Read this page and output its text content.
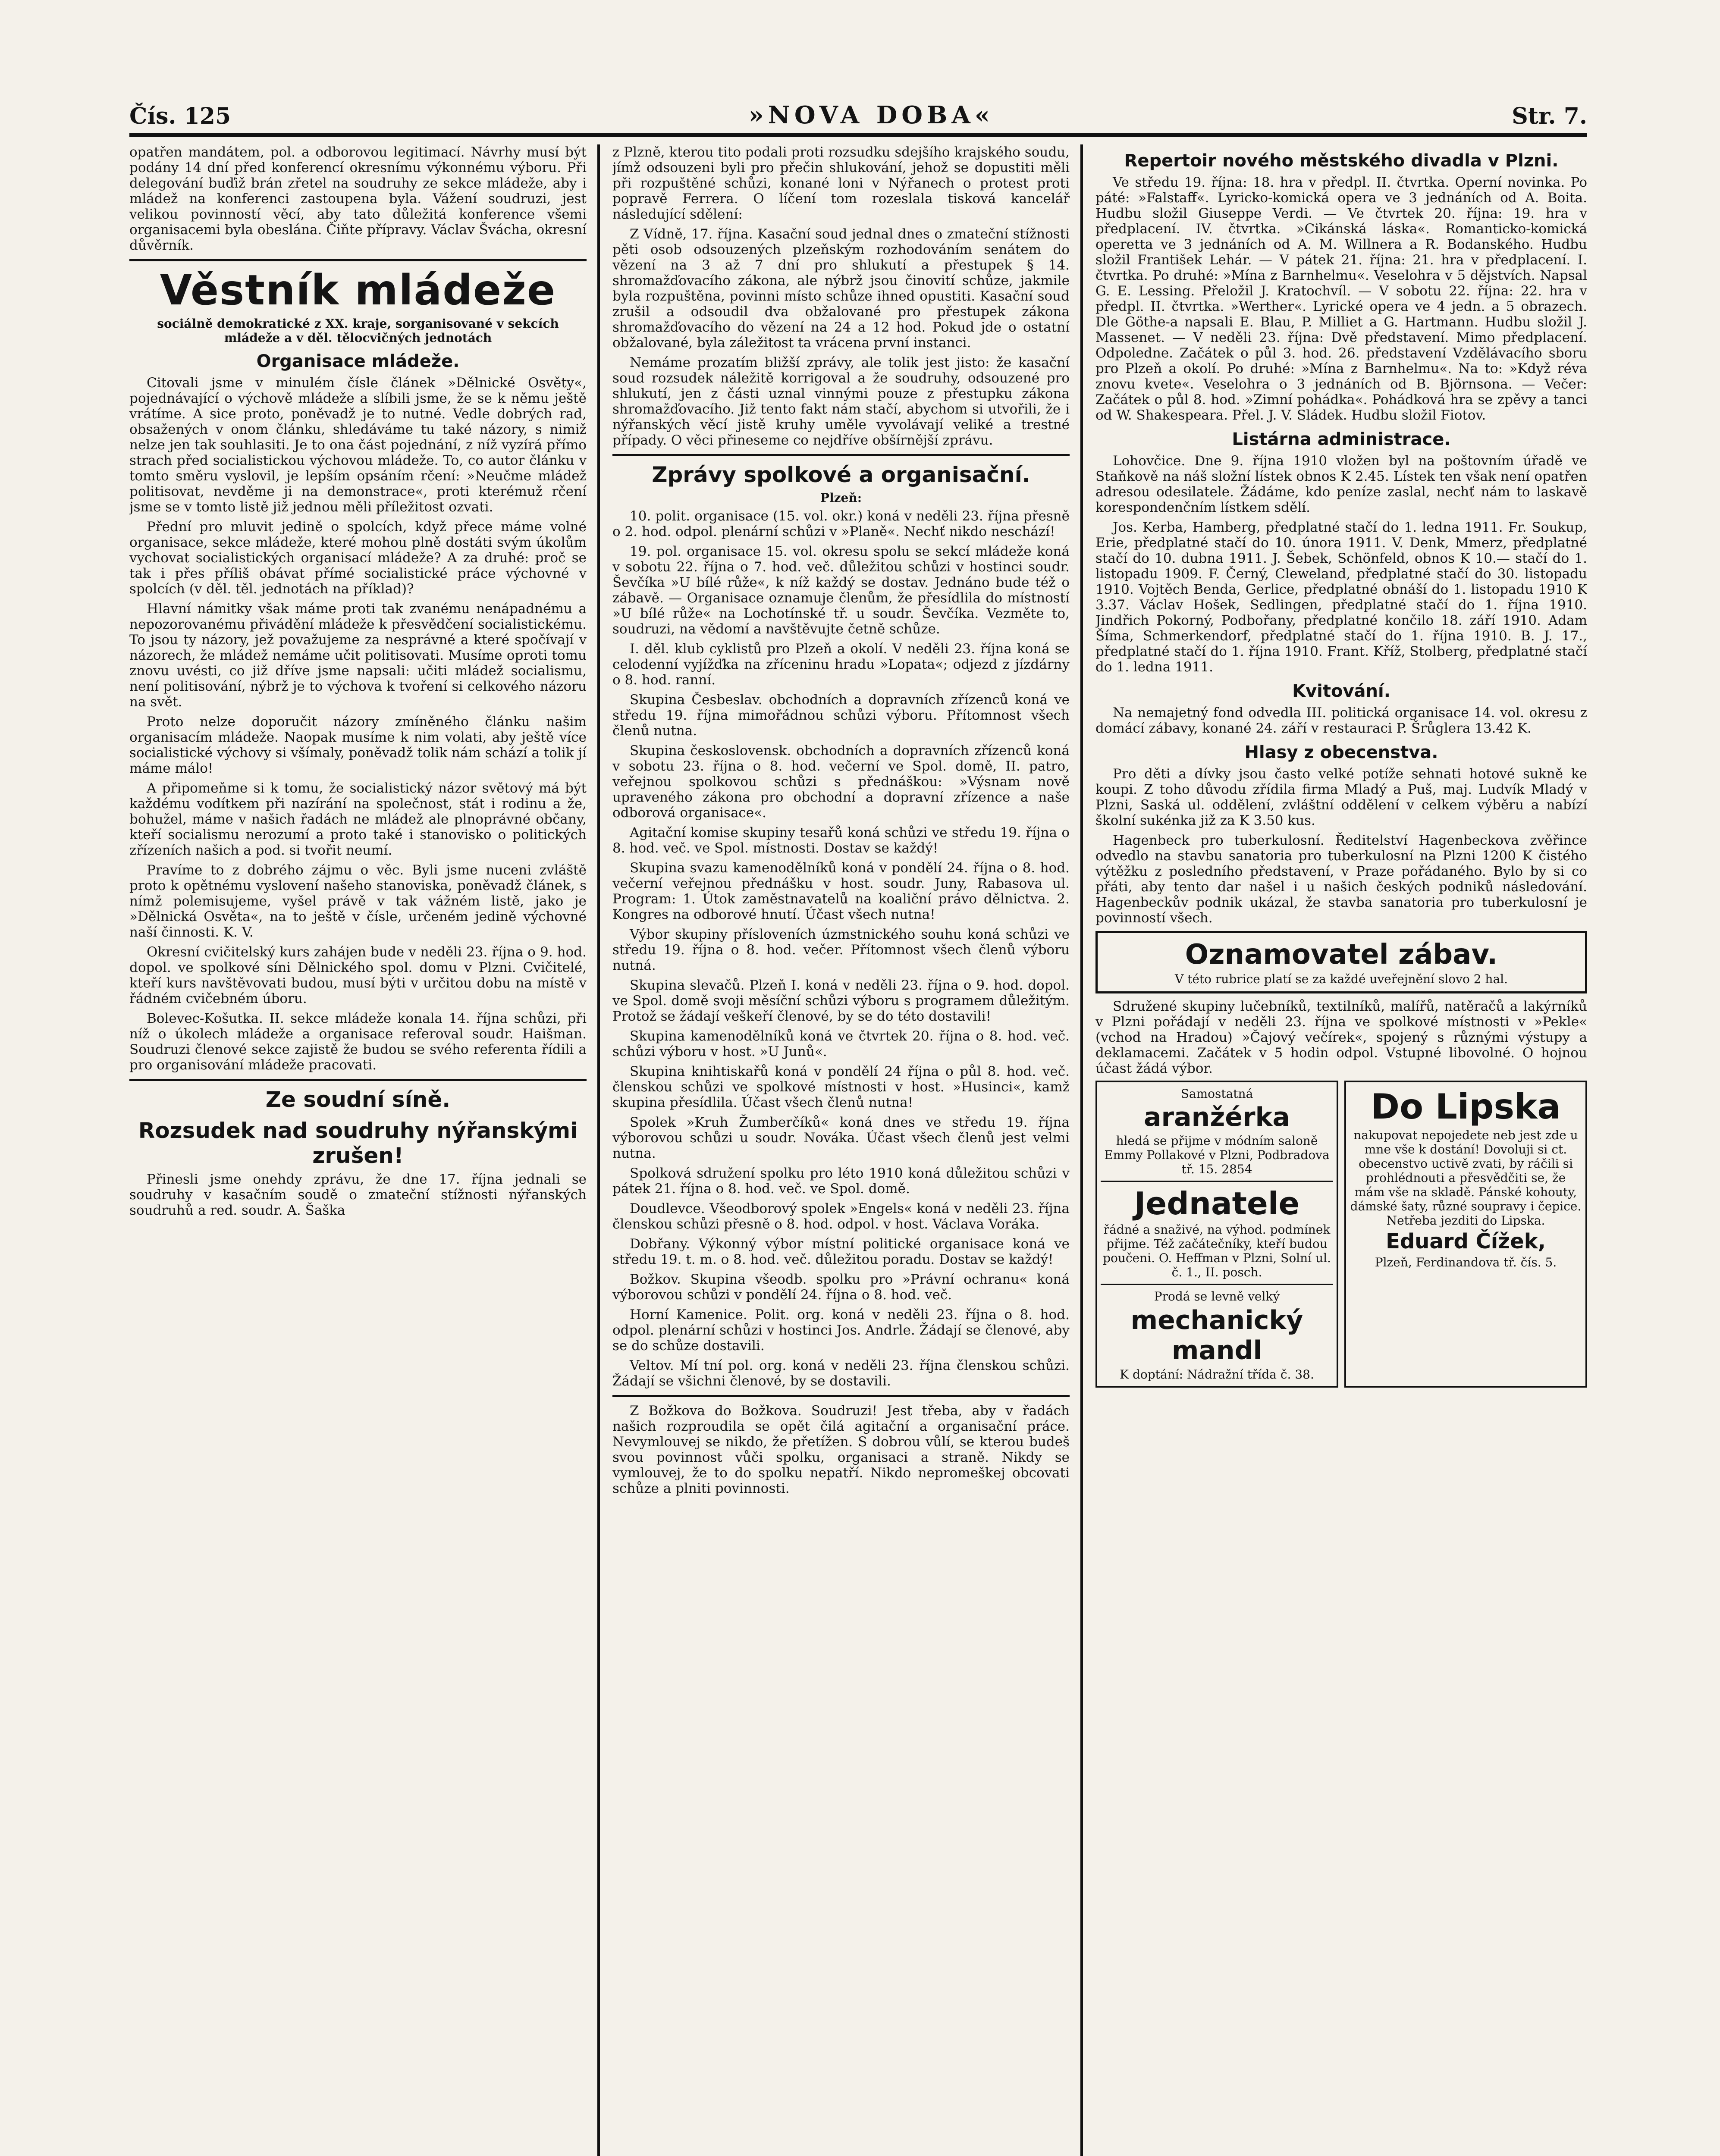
Čís. 125	»NOVA DOBA«	Str. 7.

opatřen mandátem, pol. a odborovou legitimací. Návrhy musí být podány 14 dní před konferencí okresnímu výkonnému výboru. Při delegování buďiž brán zřetel na soudruhy ze sekce mládeže, aby i mládež na konferenci zastoupena byla. Vážení soudruzi, jest velikou povinností věcí, aby tato důležitá konference všemi organisacemi byla obeslána. Čiňte přípravy. Václav Švácha, okresní důvěrník.

Věstník mládeže
sociálně demokratické z XX. kraje, sorganisované v sekcích mládeže a v děl. tělocvičných jednotách
Organisace mládeže.

Citovali jsme v minulém čísle článek »Dělnické Osvěty«, pojednávající o výchově mládeže a slíbili jsme, že se k němu ještě vrátíme. A sice proto, poněvadž je to nutné. Vedle dobrých rad, obsažených v onom článku, shledáváme tu také názory, s nimiž nelze jen tak souhlasiti. Je to ona část pojednání, z níž vyzírá přímo strach před socialistickou výchovou mládeže. To, co autor článku v tomto směru vyslovil, je lepším opsáním rčení: »Neučme mládež politisovat, nevděme ji na demonstrace«, proti kterémuž rčení jsme se v tomto listě již jednou měli příležitost ozvati.

Přední pro mluvit jedině o spolcích, když přece máme volné organisace, sekce mládeže, které mohou plně dostáti svým úkolům vychovat socialistických organisací mládeže? A za druhé: proč se tak i přes příliš obávat přímé socialistické práce výchovné v spolcích (v děl. těl. jednotách na příklad)?

Hlavní námitky však máme proti tak zvanému nenápadnému a nepozorovanému přivádění mládeže k přesvědčení socialistickému. To jsou ty názory, jež považujeme za nesprávné a které spočívají v názorech, že mládež nemáme učit politisovati. Musíme oproti tomu znovu uvésti, co již dříve jsme napsali: učiti mládež socialismu, není politisování, nýbrž je to výchova k tvoření si celkového názoru na svět.

Proto nelze doporučit názory zmíněného článku našim organisacím mládeže. Naopak musíme k nim volati, aby ještě více socialistické výchovy si všímaly, poněvadž tolik nám schází a tolik jí máme málo!

A připomeňme si k tomu, že socialistický názor světový má být každému vodítkem při nazírání na společnost, stát i rodinu a že, bohužel, máme v našich řadách ne mládež ale plnoprávné občany, kteří socialismu nerozumí a proto také i stanovisko o politických zřízeních našich a pod. si tvořit neumí.

Pravíme to z dobrého zájmu o věc. Byli jsme nuceni zvláště proto k opětnému vyslovení našeho stanoviska, poněvadž článek, s nímž polemisujeme, vyšel právě v tak vážném listě, jako je »Dělnická Osvěta«, na to ještě v čísle, určeném jedině výchovné naší činnosti. K. V.

Okresní cvičitelský kurs zahájen bude v neděli 23. října o 9. hod. dopol. ve spolkové síni Dělnického spol. domu v Plzni. Cvičitelé, kteří kurs navštěvovati budou, musí býti v určitou dobu na místě v řádném cvičebném úboru.

Bolevec-Košutka. II. sekce mládeže konala 14. října schůzi, při níž o úkolech mládeže a organisace referoval soudr. Haišman. Soudruzi členové sekce zajistě že budou se svého referenta řídili a pro organisování mládeže pracovati.

Ze soudní síně.
Rozsudek nad soudruhy nýřanskými zrušen!

Přinesli jsme onehdy zprávu, že dne 17. října jednali se soudruhy v kasačním soudě o zmateční stížnosti nýřanských soudruhů a red. soudr. A. Šaška

z Plzně, kterou tito podali proti rozsudku sdejšího krajského soudu, jímž odsouzeni byli pro přečin shlukování, jehož se dopustiti měli při rozpuštěné schůzi, konané loni v Nýřanech o protest proti popravě Ferrera. O líčení tom rozeslala tisková kancelář následující sdělení:

Z Vídně, 17. října. Kasační soud jednal dnes o zmateční stížnosti pěti osob odsouzených plzeňským rozhodováním senátem do vězení na 3 až 7 dní pro shlukutí a přestupek § 14. shromažďovacího zákona, ale nýbrž jsou činovití schůze, jakmile byla rozpuštěna, povinni místo schůze ihned opustiti. Kasační soud zrušil a odsoudil dva obžalované pro přestupek zákona shromažďovacího do vězení na 24 a 12 hod. Pokud jde o ostatní obžalované, byla záležitost ta vrácena první instanci.

Nemáme prozatím bližší zprávy, ale tolik jest jisto: že kasační soud rozsudek náležitě korrigoval a že soudruhy, odsouzené pro shlukutí, jen z části uznal vinnými pouze z přestupku zákona shromažďovacího. Již tento fakt nám stačí, abychom si utvořili, že i nýřanských věcí jistě kruhy uměle vyvolávají veliké a trestné případy. O věci přineseme co nejdříve obšírnější zprávu.

Zprávy spolkové a organisační.
Plzeň:

10. polit. organisace (15. vol. okr.) koná v neděli 23. října přesně o 2. hod. odpol. plenární schůzi v »Planě«. Nechť nikdo neschází!

19. pol. organisace 15. vol. okresu spolu se sekcí mládeže koná v sobotu 22. října o 7. hod. več. důležitou schůzi v hostinci soudr. Ševčíka »U bílé růže«, k níž každý se dostav. Jednáno bude též o zábavě. — Organisace oznamuje členům, že přesídlila do místností »U bílé růže« na Lochotínské tř. u soudr. Ševčíka. Vezměte to, soudruzi, na vědomí a navštěvujte četně schůze.

I. děl. klub cyklistů pro Plzeň a okolí. V neděli 23. října koná se celodenní vyjížďka na zříceninu hradu »Lopata«; odjezd z jízdárny o 8. hod. ranní.

Skupina Česbeslav. obchodních a dopravních zřízenců koná ve středu 19. října mimořádnou schůzi výboru. Přítomnost všech členů nutna.

Skupina československ. obchodních a dopravních zřízenců koná v sobotu 23. října o 8. hod. večerní ve Spol. domě, II. patro, veřejnou spolkovou schůzi s přednáškou: »Výsnam nově upraveného zákona pro obchodní a dopravní zřízence a naše odborová organisace«.

Agitační komise skupiny tesařů koná schůzi ve středu 19. října o 8. hod. več. ve Spol. místnosti. Dostav se každý!

Skupina svazu kamenodělníků koná v pondělí 24. října o 8. hod. večerní veřejnou přednášku v host. soudr. Juny, Rabasova ul. Program: 1. Útok zaměstnavatelů na koaliční právo dělnictva. 2. Kongres na odborové hnutí. Účast všech nutna!

Výbor skupiny přísloveních úzmstnického souhu koná schůzi ve středu 19. října o 8. hod. večer. Přítomnost všech členů výboru nutná.

Skupina slevačů. Plzeň I. koná v neděli 23. října o 9. hod. dopol. ve Spol. domě svoji měsíční schůzi výboru s programem důležitým. Protož se žádají veškeří členové, by se do této dostavili!

Skupina kamenodělníků koná ve čtvrtek 20. října o 8. hod. več. schůzi výboru v host. »U Junů«.

Skupina knihtiskařů koná v pondělí 24 října o půl 8. hod. več. členskou schůzi ve spolkové místnosti v host. »Husinci«, kamž skupina přesídlila. Účast všech členů nutna!

Spolek »Kruh Žumberčíků« koná dnes ve středu 19. října výborovou schůzi u soudr. Nováka. Účast všech členů jest velmi nutna.

Spolková sdružení spolku pro léto 1910 koná důležitou schůzi v pátek 21. října o 8. hod. več. ve Spol. domě.

Doudlevce. Všeodborový spolek »Engels« koná v neděli 23. října členskou schůzi přesně o 8. hod. odpol. v host. Václava Voráka.

Dobřany. Výkonný výbor místní politické organisace koná ve středu 19. t. m. o 8. hod. več. důležitou poradu. Dostav se každý!

Božkov. Skupina všeodb. spolku pro »Právní ochranu« koná výborovou schůzi v pondělí 24. října o 8. hod. več.

Horní Kamenice. Polit. org. koná v neděli 23. října o 8. hod. odpol. plenární schůzi v hostinci Jos. Andrle. Žádají se členové, aby se do schůze dostavili.

Veltov. Mí tní pol. org. koná v neděli 23. října členskou schůzi. Žádají se všichni členové, by se dostavili.

Z Božkova do Božkova. Soudruzi! Jest třeba, aby v řadách našich rozproudila se opět čilá agitační a organisační práce. Nevymlouvej se nikdo, že přetížen. S dobrou vůlí, se kterou budeš svou povinnost vůči spolku, organisaci a straně. Nikdy se vymlouvej, že to do spolku nepatří. Nikdo nepromeškej obcovati schůze a plniti povinnosti.

Repertoir nového městského divadla v Plzni.

Ve středu 19. října: 18. hra v předpl. II. čtvrtka. Operní novinka. Po páté: »Falstaff«. Lyricko-komická opera ve 3 jednáních od A. Boita. Hudbu složil Giuseppe Verdi. — Ve čtvrtek 20. října: 19. hra v předplacení. IV. čtvrtka. »Cikánská láska«. Romanticko-komická operetta ve 3 jednáních od A. M. Willnera a R. Bodanského. Hudbu složil František Lehár. — V pátek 21. října: 21. hra v předplacení. I. čtvrtka. Po druhé: »Mína z Barnhelmu«. Veselohra v 5 dějstvích. Napsal G. E. Lessing. Přeložil J. Kratochvíl. — V sobotu 22. října: 22. hra v předpl. II. čtvrtka. »Werther«. Lyrické opera ve 4 jedn. a 5 obrazech. Dle Göthe-a napsali E. Blau, P. Milliet a G. Hartmann. Hudbu složil J. Massenet. — V neděli 23. října: Dvě představení. Mimo předplacení. Odpoledne. Začátek o půl 3. hod. 26. představení Vzdělávacího sboru pro Plzeň a okolí. Po druhé: »Mína z Barnhelmu«. Na to: »Když réva znovu kvete«. Veselohra o 3 jednáních od B. Björnsona. — Večer: Začátek o půl 8. hod. »Zimní pohádka«. Pohádková hra se zpěvy a tanci od W. Shakespeara. Přel. J. V. Sládek. Hudbu složil Fiotov.

Listárna administrace.

Lohovčice. Dne 9. října 1910 vložen byl na poštovním úřadě ve Staňkově na náš složní lístek obnos K 2.45. Lístek ten však není opatřen adresou odesilatele. Žádáme, kdo peníze zaslal, nechť nám to laskavě korespondenčním lístkem sdělí.

Jos. Kerba, Hamberg, předplatné stačí do 1. ledna 1911. Fr. Soukup, Erie, předplatné stačí do 10. února 1911. V. Denk, Mmerz, předplatné stačí do 10. dubna 1911. J. Šebek, Schönfeld, obnos K 10.— stačí do 1. listopadu 1909. F. Černý, Cleweland, předplatné stačí do 30. listopadu 1910. Vojtěch Benda, Gerlice, předplatné obnáší do 1. listopadu 1910 K 3.37. Václav Hošek, Sedlingen, předplatné stačí do 1. října 1910. Jindřich Pokorný, Podbořany, předplatné končilo 18. září 1910. Adam Šíma, Schmerkendorf, předplatné stačí do 1. října 1910. B. J. 17., předplatné stačí do 1. října 1910. Frant. Kříž, Stolberg, předplatné stačí do 1. ledna 1911.

Kvitování.

Na nemajetný fond odvedla III. politická organisace 14. vol. okresu z domácí zábavy, konané 24. září v restauraci P. Šrůglera 13.42 K.

Hlasy z obecenstva.

Pro děti a dívky jsou často velké potíže sehnati hotové sukně ke koupi. Z toho důvodu zřídila firma Mladý a Puš, maj. Ludvík Mladý v Plzni, Saská ul. oddělení, zvláštní oddělení v celkem výběru a nabízí školní sukénka již za K 3.50 kus.

Hagenbeck pro tuberkulosní. Ředitelství Hagenbeckova zvěřince odvedlo na stavbu sanatoria pro tuberkulosní na Plzni 1200 K čistého výtěžku z posledního představení, v Praze pořádaného. Bylo by si co přáti, aby tento dar našel i u našich českých podniků následování. Hagenbeckův podnik ukázal, že stavba sanatoria pro tuberkulosní je povinností všech.

Oznamovatel zábav.
V této rubrice platí se za každé uveřejnění slovo 2 hal.

Sdružené skupiny lučebníků, textilníků, malířů, natěračů a lakýrníků v Plzni pořádají v neděli 23. října ve spolkové místnosti v »Pekle« (vchod na Hradou) »Čajový večírek«, spojený s různými výstupy a deklamacemi. Začátek v 5 hodin odpol. Vstupné libovolné. O hojnou účast žádá výbor.

Samostatná
aranžérka
hledá se přijme v módním saloně Emmy Pollakové v Plzni, Podbradova tř. 15. 2854
Jednatele
řádné a snaživé, na výhod. podmínek přijme. Též začátečníky, kteří budou poučeni. O. Heffman v Plzni, Solní ul. č. 1., II. posch.
Prodá se levně velký
mechanický mandl
K doptání: Nádražní třída č. 38.
Do Lipska
nakupovat nepojedete neb jest zde u mne vše k dostání! Dovoluji si ct. obecenstvo uctivě zvati, by ráčili si prohlédnouti a přesvědčiti se, že mám vše na skladě. Pánské kohouty, dámské šaty, různé soupravy i čepice. Netřeba jezditi do Lipska.
Eduard Čížek,
Plzeň, Ferdinandova tř. čís. 5.
